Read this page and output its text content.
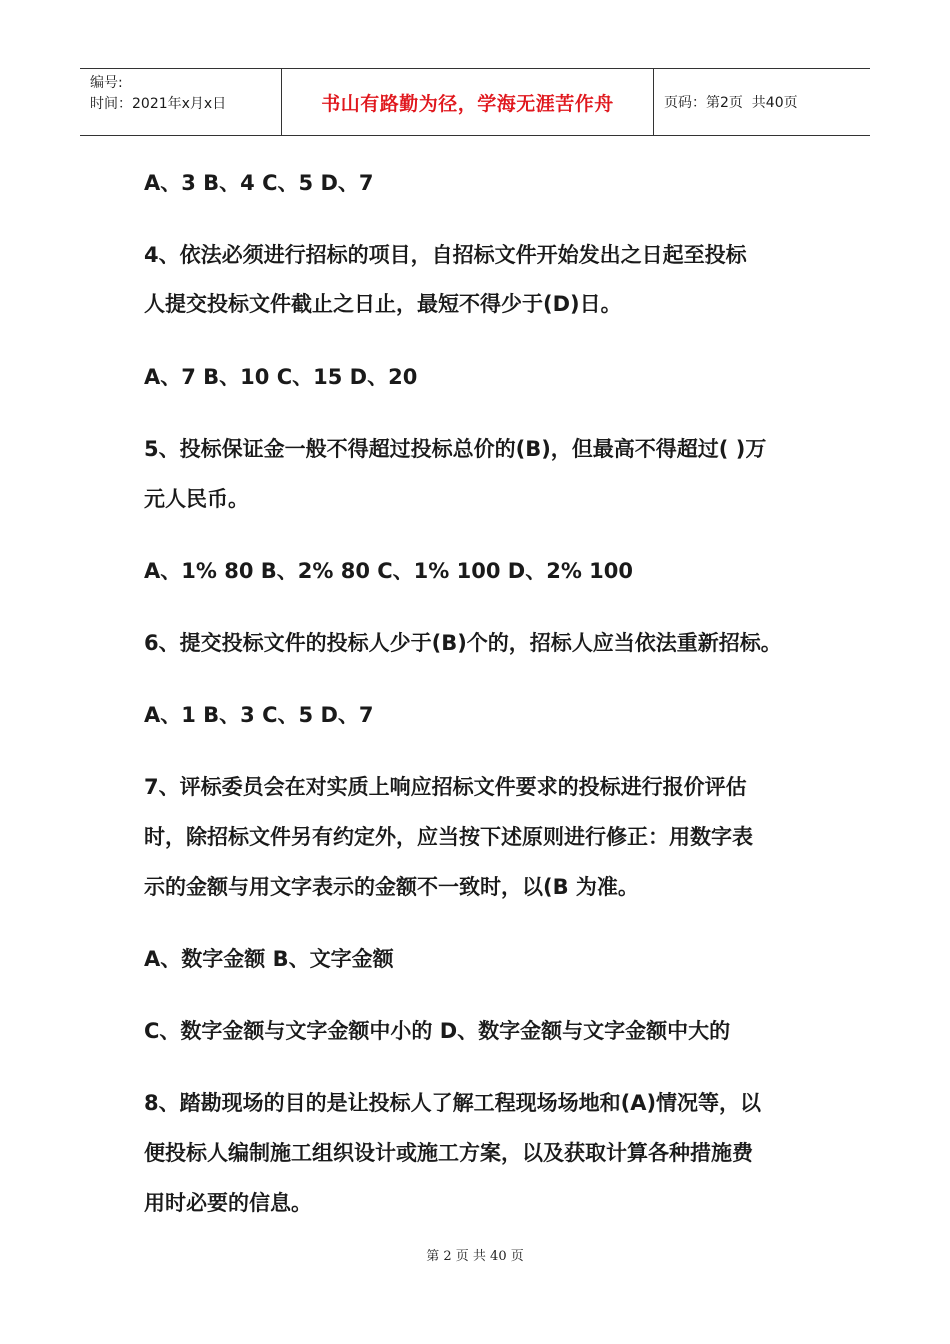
编号:
时间：2021年x月x日	书山有路勤为径，学海无涯苦作舟	页码：第2页  共40页
A、3 B、4 C、5 D、7
4、依法必须进行招标的项目，自招标文件开始发出之日起至投标
人提交投标文件截止之日止，最短不得少于(D)日。
A、7 B、10 C、15 D、20
5、投标保证金一般不得超过投标总价的(B)，但最高不得超过( )万
元人民币。
A、1% 80 B、2% 80 C、1% 100 D、2% 100
6、提交投标文件的投标人少于(B)个的，招标人应当依法重新招标。
A、1 B、3 C、5 D、7
7、评标委员会在对实质上响应招标文件要求的投标进行报价评估
时，除招标文件另有约定外，应当按下述原则进行修正：用数字表
示的金额与用文字表示的金额不一致时，以(B 为准。
A、数字金额 B、文字金额
C、数字金额与文字金额中小的 D、数字金额与文字金额中大的
8、踏勘现场的目的是让投标人了解工程现场场地和(A)情况等，以
便投标人编制施工组织设计或施工方案，以及获取计算各种措施费
用时必要的信息。
第 2 页 共 40 页
